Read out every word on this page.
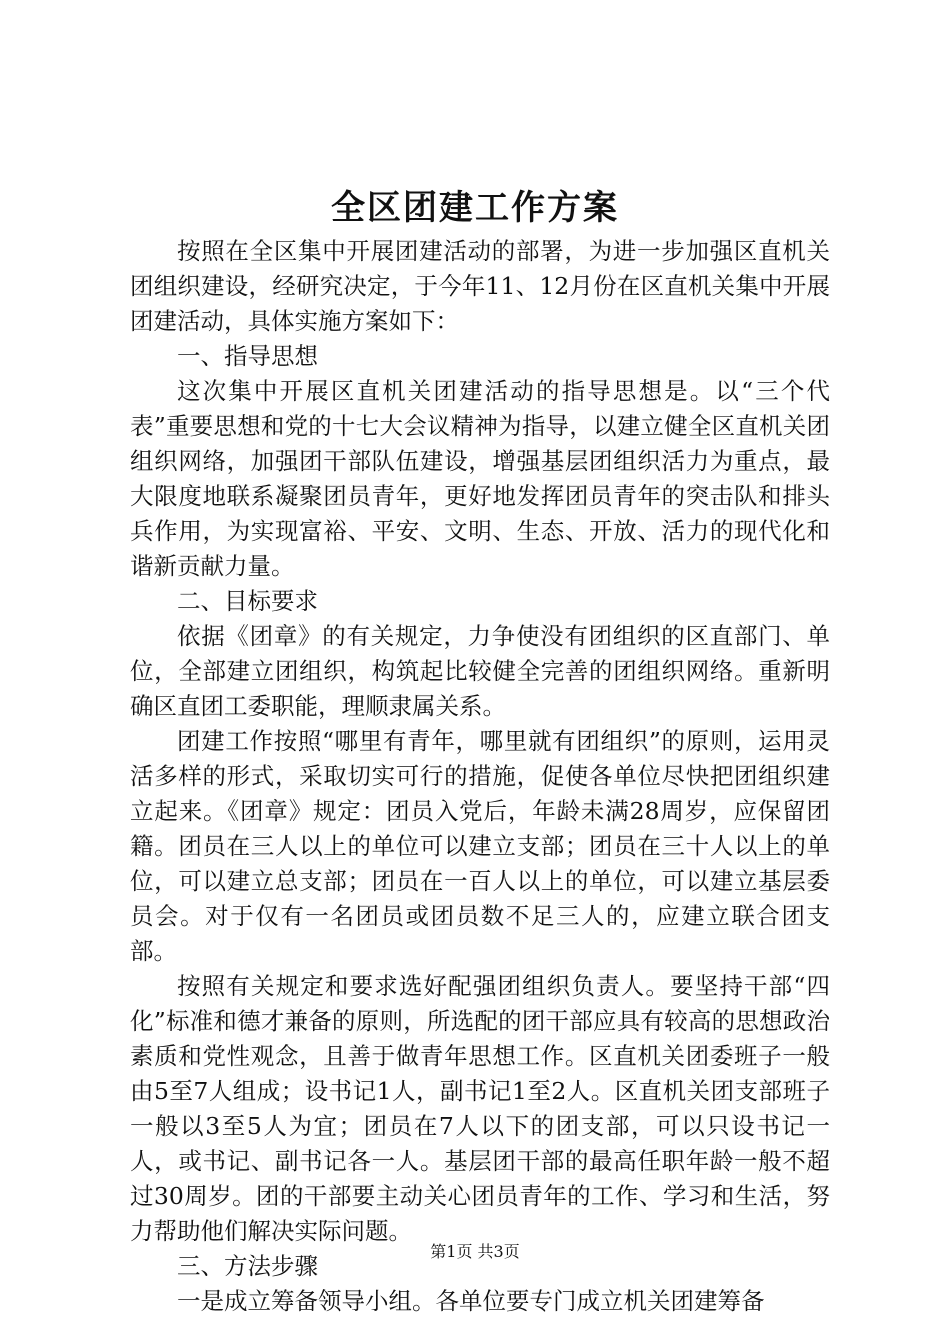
全区团建工作方案

按照在全区集中开展团建活动的部署，为进一步加强区直机关团组织建设，经研究决定，于今年11、12月份在区直机关集中开展团建活动，具体实施方案如下：

一、指导思想

这次集中开展区直机关团建活动的指导思想是。以“三个代表”重要思想和党的十七大会议精神为指导，以建立健全区直机关团组织网络，加强团干部队伍建设，增强基层团组织活力为重点，最大限度地联系凝聚团员青年，更好地发挥团员青年的突击队和排头兵作用，为实现富裕、平安、文明、生态、开放、活力的现代化和谐新贡献力量。

二、目标要求

依据《团章》的有关规定，力争使没有团组织的区直部门、单位，全部建立团组织，构筑起比较健全完善的团组织网络。重新明确区直团工委职能，理顺隶属关系。

团建工作按照“哪里有青年，哪里就有团组织”的原则，运用灵活多样的形式，采取切实可行的措施，促使各单位尽快把团组织建立起来。《团章》规定：团员入党后，年龄未满28周岁，应保留团籍。团员在三人以上的单位可以建立支部；团员在三十人以上的单位，可以建立总支部；团员在一百人以上的单位，可以建立基层委员会。对于仅有一名团员或团员数不足三人的，应建立联合团支部。

按照有关规定和要求选好配强团组织负责人。要坚持干部“四化”标准和德才兼备的原则，所选配的团干部应具有较高的思想政治素质和党性观念，且善于做青年思想工作。区直机关团委班子一般由5至7人组成；设书记1人，副书记1至2人。区直机关团支部班子一般以3至5人为宜；团员在7人以下的团支部，可以只设书记一人，或书记、副书记各一人。基层团干部的最高任职年龄一般不超过30周岁。团的干部要主动关心团员青年的工作、学习和生活，努力帮助他们解决实际问题。

三、方法步骤

一是成立筹备领导小组。各单位要专门成立机关团建筹备

第1页 共3页
